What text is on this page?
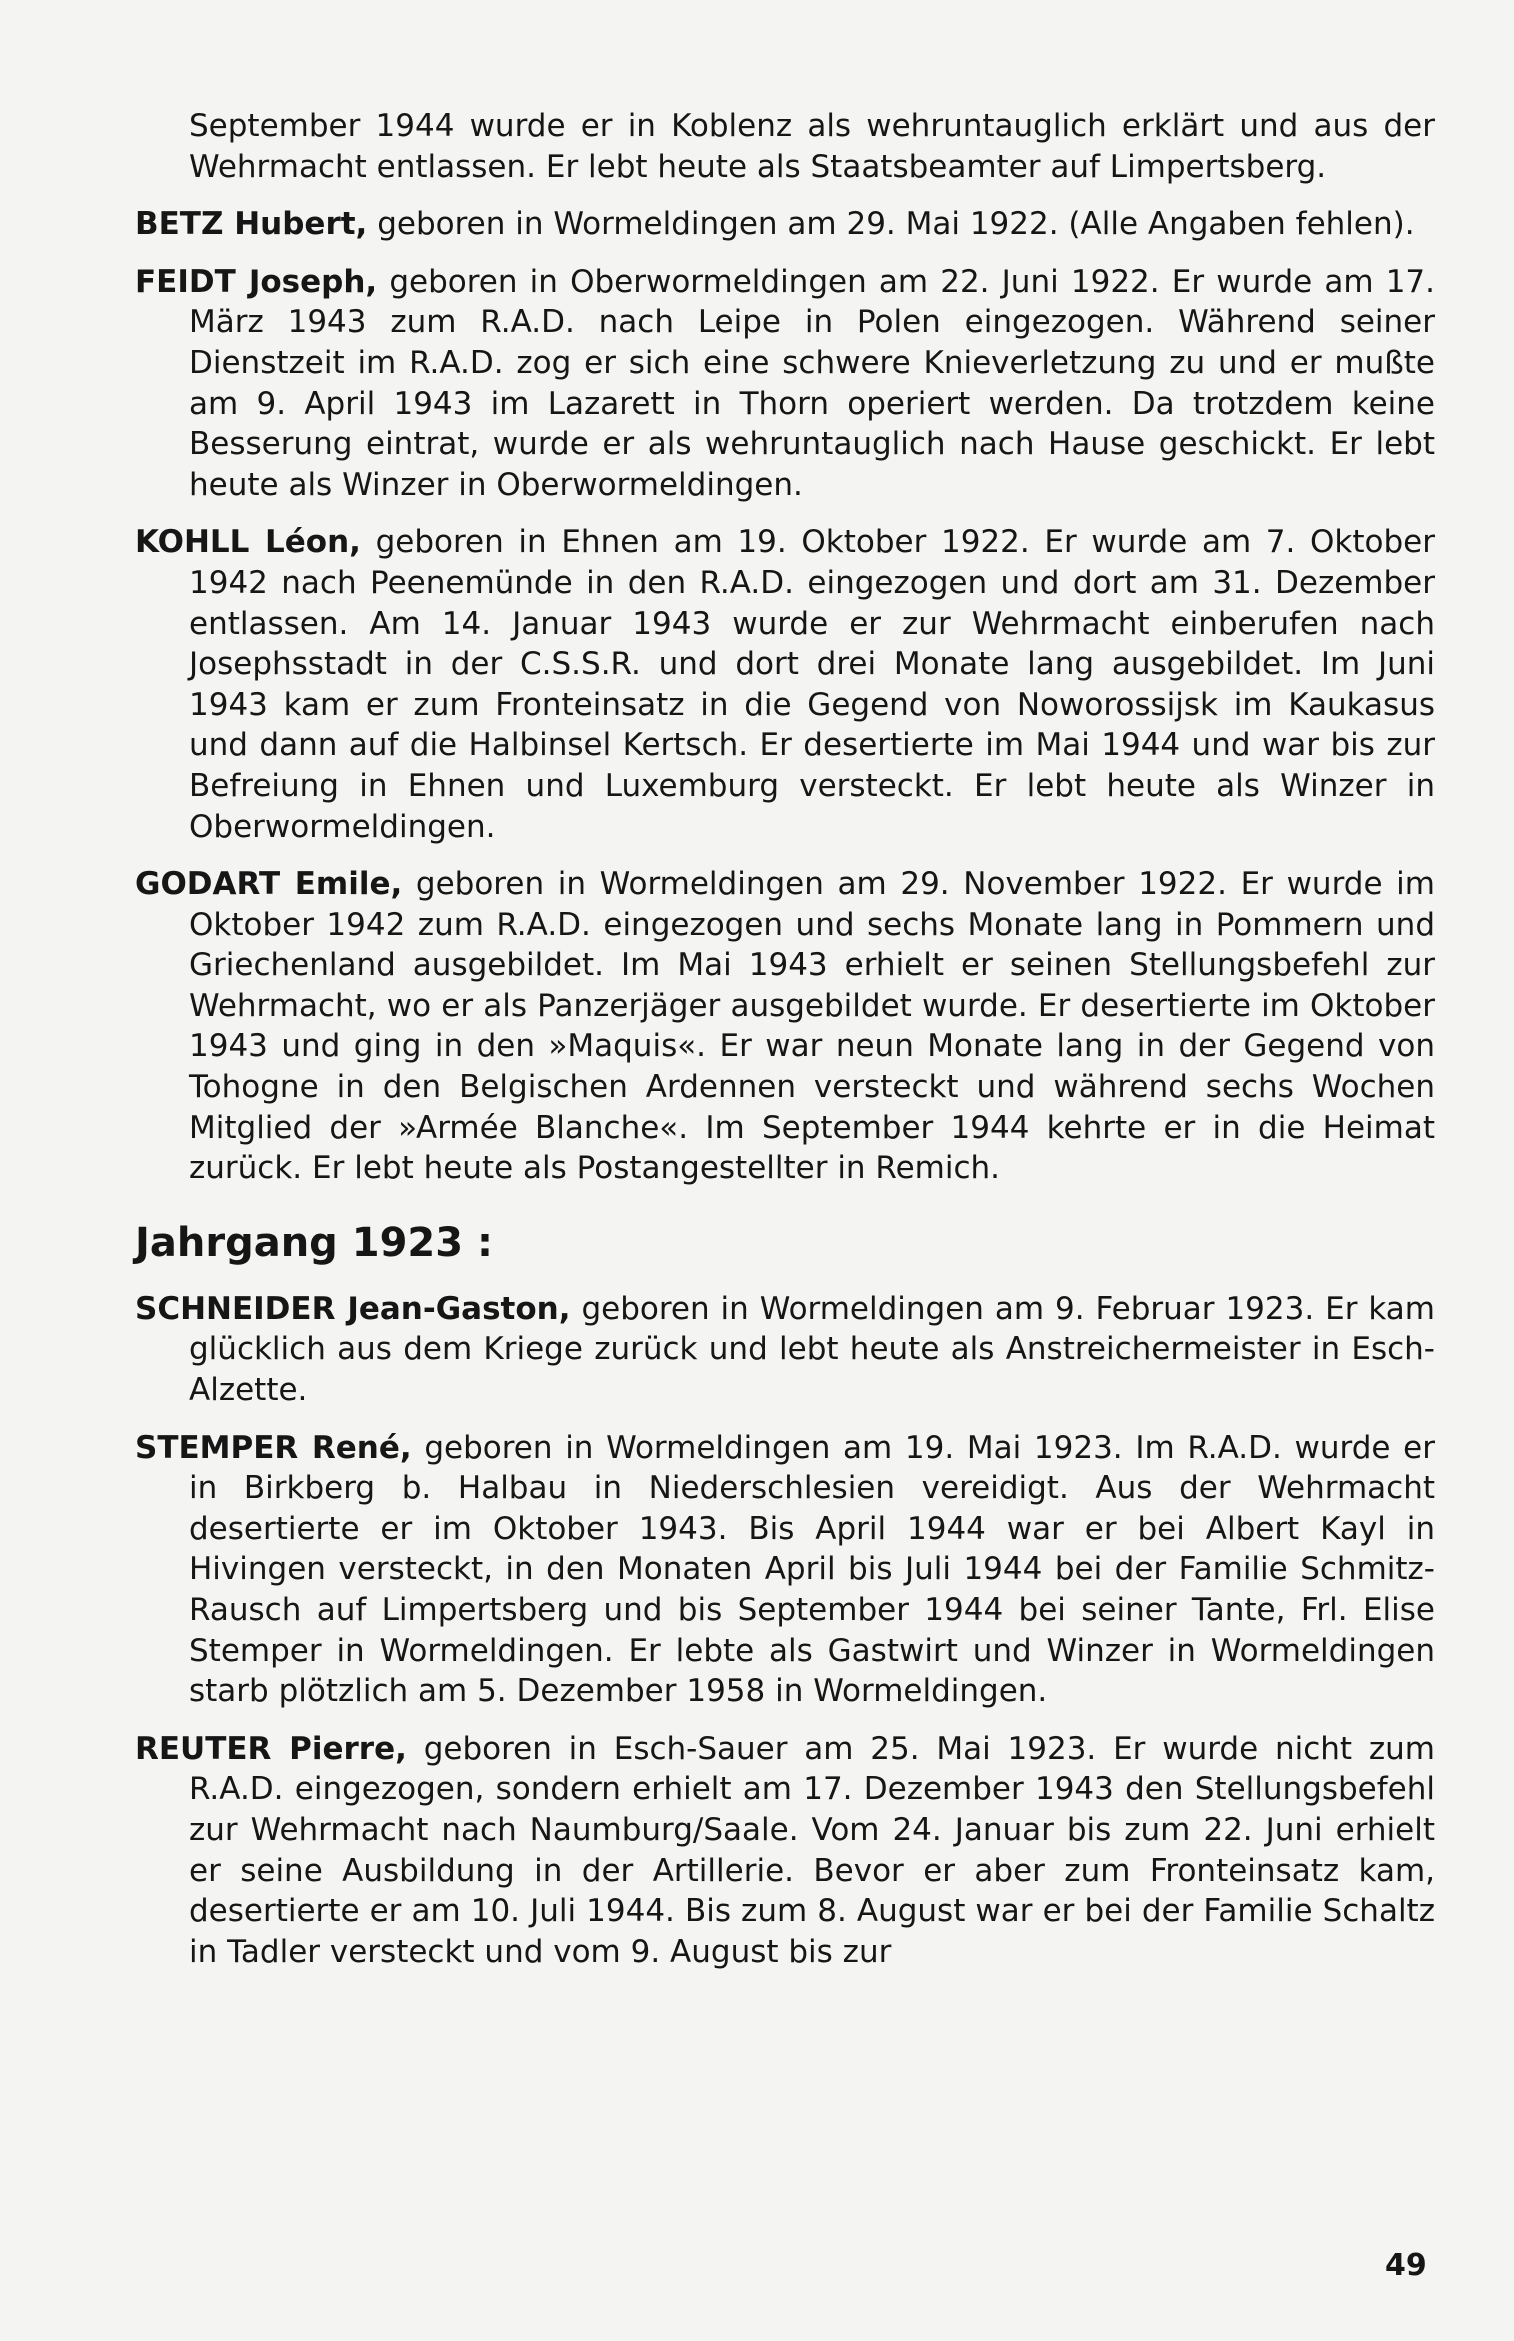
September 1944 wurde er in Koblenz als wehruntauglich erklärt und aus der Wehrmacht entlassen. Er lebt heute als Staatsbeamter auf Limpertsberg.

BETZ Hubert, geboren in Wormeldingen am 29. Mai 1922. (Alle Angaben fehlen).

FEIDT Joseph, geboren in Oberwormeldingen am 22. Juni 1922. Er wurde am 17. März 1943 zum R.A.D. nach Leipe in Polen eingezogen. Während seiner Dienstzeit im R.A.D. zog er sich eine schwere Knieverletzung zu und er mußte am 9. April 1943 im Lazarett in Thorn operiert werden. Da trotzdem keine Besserung eintrat, wurde er als wehruntauglich nach Hause geschickt. Er lebt heute als Winzer in Oberwormeldingen.

KOHLL Léon, geboren in Ehnen am 19. Oktober 1922. Er wurde am 7. Oktober 1942 nach Peenemünde in den R.A.D. eingezogen und dort am 31. Dezember entlassen. Am 14. Januar 1943 wurde er zur Wehrmacht einberufen nach Josephsstadt in der C.S.S.R. und dort drei Monate lang ausgebildet. Im Juni 1943 kam er zum Fronteinsatz in die Gegend von Noworossijsk im Kaukasus und dann auf die Halbinsel Kertsch. Er desertierte im Mai 1944 und war bis zur Befreiung in Ehnen und Luxemburg versteckt. Er lebt heute als Winzer in Oberwormeldingen.

GODART Emile, geboren in Wormeldingen am 29. November 1922. Er wurde im Oktober 1942 zum R.A.D. eingezogen und sechs Monate lang in Pommern und Griechenland ausgebildet. Im Mai 1943 erhielt er seinen Stellungsbefehl zur Wehrmacht, wo er als Panzerjäger ausgebildet wurde. Er desertierte im Oktober 1943 und ging in den »Maquis«. Er war neun Monate lang in der Gegend von Tohogne in den Belgischen Ardennen versteckt und während sechs Wochen Mitglied der »Armée Blanche«. Im September 1944 kehrte er in die Heimat zurück. Er lebt heute als Postangestellter in Remich.

Jahrgang 1923 :

SCHNEIDER Jean-Gaston, geboren in Wormeldingen am 9. Februar 1923. Er kam glücklich aus dem Kriege zurück und lebt heute als Anstreichermeister in Esch-Alzette.

STEMPER René, geboren in Wormeldingen am 19. Mai 1923. Im R.A.D. wurde er in Birkberg b. Halbau in Niederschlesien vereidigt. Aus der Wehrmacht desertierte er im Oktober 1943. Bis April 1944 war er bei Albert Kayl in Hivingen versteckt, in den Monaten April bis Juli 1944 bei der Familie Schmitz-Rausch auf Limpertsberg und bis September 1944 bei seiner Tante, Frl. Elise Stemper in Wormeldingen. Er lebte als Gastwirt und Winzer in Wormeldingen starb plötzlich am 5. Dezember 1958 in Wormeldingen.

REUTER Pierre, geboren in Esch-Sauer am 25. Mai 1923. Er wurde nicht zum R.A.D. eingezogen, sondern erhielt am 17. Dezember 1943 den Stellungsbefehl zur Wehrmacht nach Naumburg/Saale. Vom 24. Januar bis zum 22. Juni erhielt er seine Ausbildung in der Artillerie. Bevor er aber zum Fronteinsatz kam, desertierte er am 10. Juli 1944. Bis zum 8. August war er bei der Familie Schaltz in Tadler versteckt und vom 9. August bis zur

49
